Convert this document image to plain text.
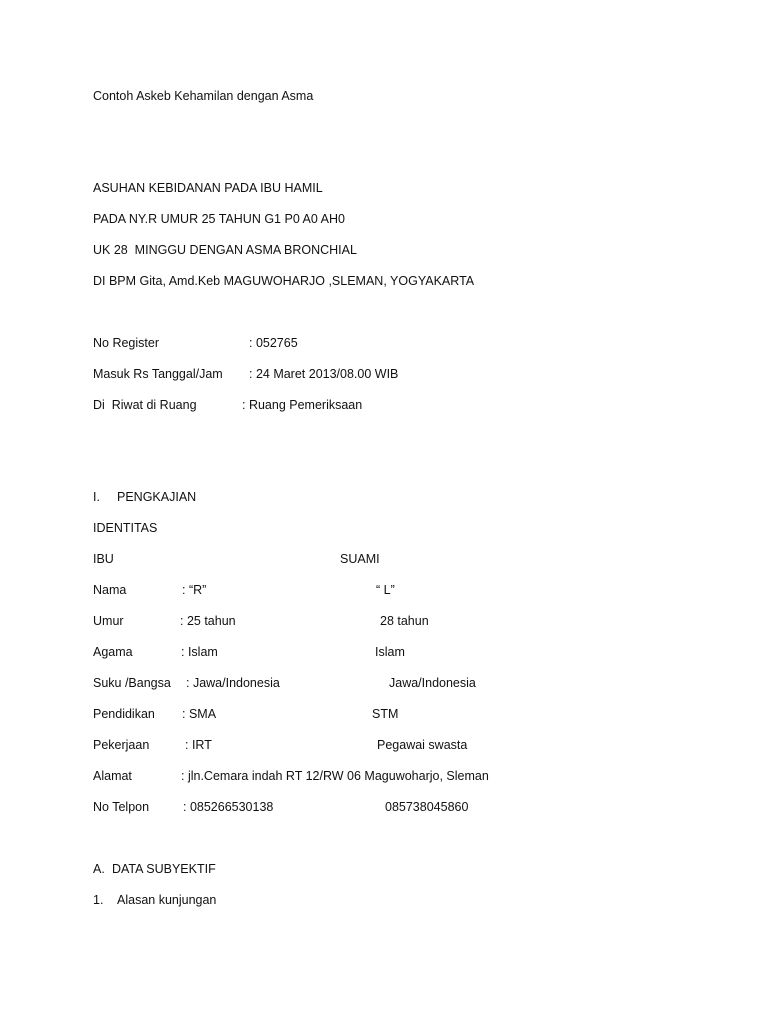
Contoh Askeb Kehamilan dengan Asma
ASUHAN KEBIDANAN PADA IBU HAMIL
PADA NY.R UMUR 25 TAHUN G1 P0 A0 AH0
UK 28  MINGGU DENGAN ASMA BRONCHIAL
DI BPM Gita, Amd.Keb MAGUWOHARJO ,SLEMAN, YOGYAKARTA
No Register	: 052765
Masuk Rs Tanggal/Jam : 24 Maret 2013/08.00 WIB
Di  Riwat di Ruang	: Ruang Pemeriksaan
I. PENGKAJIAN
IDENTITAS
IBU	SUAMI
Nama	: “R”	“ L”
Umur	: 25 tahun	28 tahun
Agama	: Islam	Islam
Suku /Bangsa : Jawa/Indonesia	Jawa/Indonesia
Pendidikan : SMA	STM
Pekerjaan	: IRT	Pegawai swasta
Alamat	: jln.Cemara indah RT 12/RW 06 Maguwoharjo, Sleman
No Telpon	: 085266530138	085738045860
A. DATA SUBYEKTIF
1. Alasan kunjungan
